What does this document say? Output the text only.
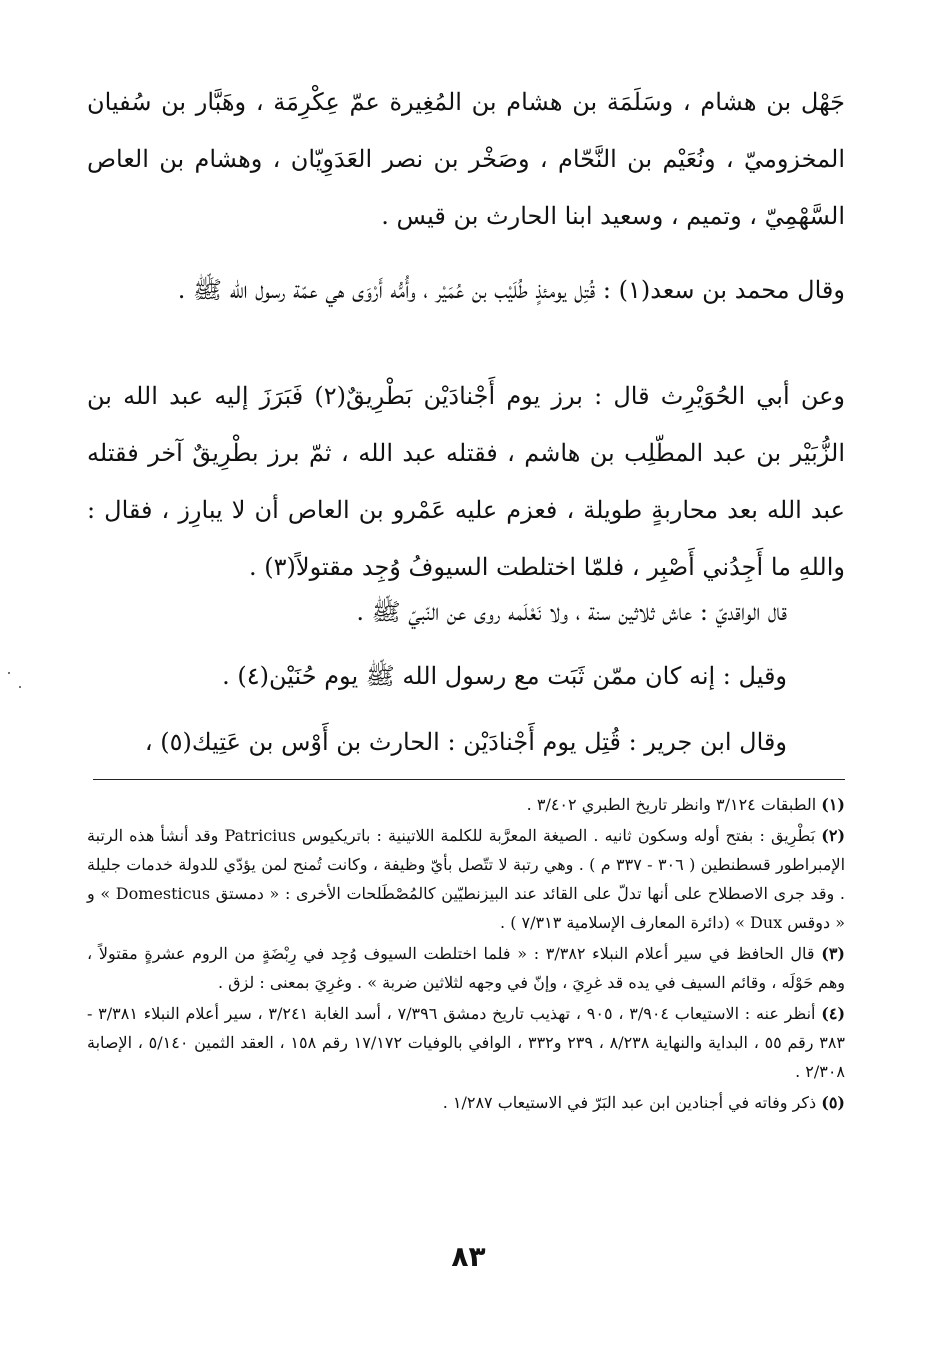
جَهْل بن هشام ، وسَلَمَة بن هشام بن المُغِيرة عمّ عِكْرِمَة ، وهَبَّار بن سُفيان المخزوميّ ، ونُعَيْم بن النَّحّام ، وصَخْر بن نصر العَدَوِيّان ، وهشام بن العاص السَّهْمِيّ ، وتميم ، وسعيد ابنا الحارث بن قيس .

وقال محمد بن سعد(١) : قُتِل يومئذٍ طُلَيْب بن عُمَيْر ، وأُمُّه أَرْوَى هي عمّة رسول الله ﷺ .

وعن أبي الحُوَيْرِث قال : برز يوم أَجْنادَيْن بَطْرِيقٌ(٢) فَبَرَزَ إليه عبد الله بن الزُّبَيْر بن عبد المطّلِب بن هاشم ، فقتله عبد الله ، ثمّ برز بطْرِيقٌ آخر فقتله عبد الله بعد محاربةٍ طويلة ، فعزم عليه عَمْرو بن العاص أن لا يبارِز ، فقال : واللهِ ما أَجِدُني أَصْبِر ، فلمّا اختلطت السيوفُ وُجِد مقتولاً(٣) .

قال الواقديّ : عاش ثلاثين سنة ، ولا نَعْلَمه روى عن النّبيّ ﷺ .

وقيل : إنه كان ممّن ثَبَت مع رسول الله ﷺ يوم حُنَيْن(٤) .

وقال ابن جرير : قُتِل يوم أَجْنادَيْن : الحارث بن أَوْس بن عَتِيك(٥) ،

(١) الطبقات ٣/١٢٤ وانظر تاريخ الطبري ٣/٤٠٢ .

(٢) بَطْرِيق : بفتح أوله وسكون ثانيه . الصيغة المعرَّبة للكلمة اللاتينية : باتريكيوس Patricius وقد أنشأ هذه الرتبة الإمبراطور قسطنطين ( ٣٠٦ - ٣٣٧ م ) . وهي رتبة لا تتّصل بأيّ وظيفة ، وكانت تُمنح لمن يؤدّي للدولة خدمات جليلة . وقد جرى الاصطلاح على أنها تدلّ على القائد عند البيزنطيّين كالمُصْطَلحات الأخرى : « دمستق Domesticus » و « دوقس Dux » (دائرة المعارف الإسلامية ٧/٣١٣ ) .

(٣) قال الحافظ في سير أعلام النبلاء ٣/٣٨٢ : « فلما اختلطت السيوف وُجِد في رِبْضَةٍ من الروم عشرةٍ مقتولاً ، وهم حَوْلَه ، وقائم السيف في يده قد غرِيَ ، وإنّ في وجهه لثلاثين ضربة » . وغرِيَ بمعنى : لزق .

(٤) أنظر عنه : الاستيعاب ٣/٩٠٤ ، ٩٠٥ ، تهذيب تاريخ دمشق ٧/٣٩٦ ، أسد الغابة ٣/٢٤١ ، سير أعلام النبلاء ٣/٣٨١ - ٣٨٣ رقم ٥٥ ، البداية والنهاية ٨/٢٣٨ ، ٢٣٩ و٣٣٢ ، الوافي بالوفيات ١٧/١٧٢ رقم ١٥٨ ، العقد الثمين ٥/١٤٠ ، الإصابة ٢/٣٠٨ .

(٥) ذكر وفاته في أجنادين ابن عبد البَرّ في الاستيعاب ١/٢٨٧ .

٨٣
